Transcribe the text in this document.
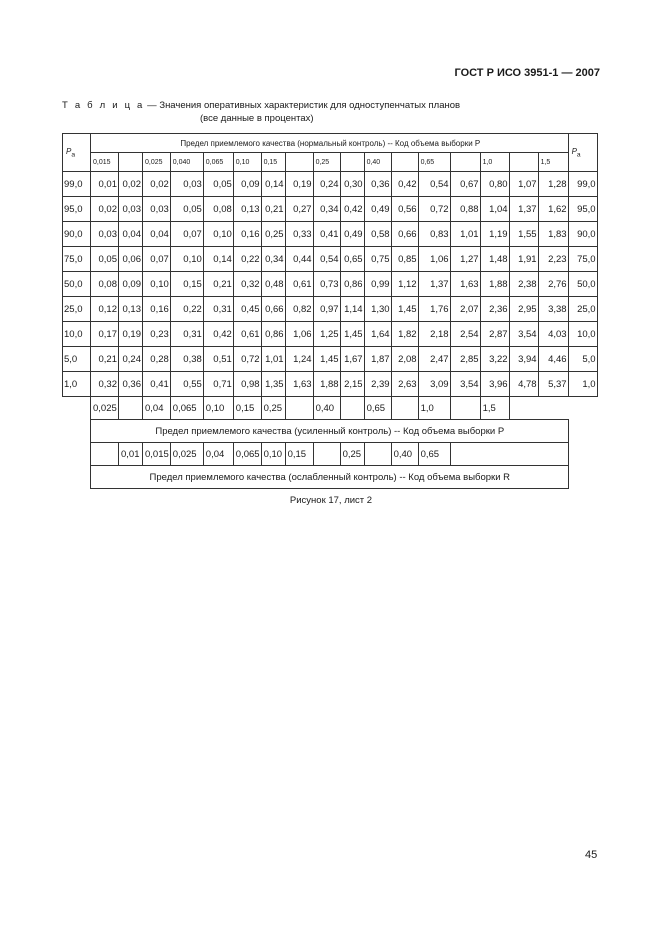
ГОСТ Р ИСО 3951-1 — 2007
Т а б л и ц а — Значения оперативных характеристик для одноступенчатых планов
(все данные в процентах)
$P_a$	Предел приемлемого качества (нормальный контроль) -- Код объема выборки P																	$P_a$
	0,015		0,025	0,040	0,065	0,10	0,15		0,25		0,40		0,65		1,0		1,5	
99,0	0,01	0,02	0,02	0,03	0,05	0,09	0,14	0,19	0,24	0,30	0,36	0,42	0,54	0,67	0,80	1,07	1,28	99,0
95,0	0,02	0,03	0,03	0,05	0,08	0,13	0,21	0,27	0,34	0,42	0,49	0,56	0,72	0,88	1,04	1,37	1,62	95,0
90,0	0,03	0,04	0,04	0,07	0,10	0,16	0,25	0,33	0,41	0,49	0,58	0,66	0,83	1,01	1,19	1,55	1,83	90,0
75,0	0,05	0,06	0,07	0,10	0,14	0,22	0,34	0,44	0,54	0,65	0,75	0,85	1,06	1,27	1,48	1,91	2,23	75,0
50,0	0,08	0,09	0,10	0,15	0,21	0,32	0,48	0,61	0,73	0,86	0,99	1,12	1,37	1,63	1,88	2,38	2,76	50,0
25,0	0,12	0,13	0,16	0,22	0,31	0,45	0,66	0,82	0,97	1,14	1,30	1,45	1,76	2,07	2,36	2,95	3,38	25,0
10,0	0,17	0,19	0,23	0,31	0,42	0,61	0,86	1,06	1,25	1,45	1,64	1,82	2,18	2,54	2,87	3,54	4,03	10,0
5,0	0,21	0,24	0,28	0,38	0,51	0,72	1,01	1,24	1,45	1,67	1,87	2,08	2,47	2,85	3,22	3,94	4,46	5,0
1,0	0,32	0,36	0,41	0,55	0,71	0,98	1,35	1,63	1,88	2,15	2,39	2,63	3,09	3,54	3,96	4,78	5,37	1,0
	0,025		0,04	0,065	0,10	0,15	0,25		0,40		0,65		1,0		1,5			
	Предел приемлемого качества (усиленный контроль) -- Код объема выборки P																	
		0,01	0,015	0,025	0,04	0,065	0,10	0,15		0,25		0,40	0,65					
	Предел приемлемого качества (ослабленный контроль) -- Код объема выборки R																	
Рисунок 17, лист 2
45
